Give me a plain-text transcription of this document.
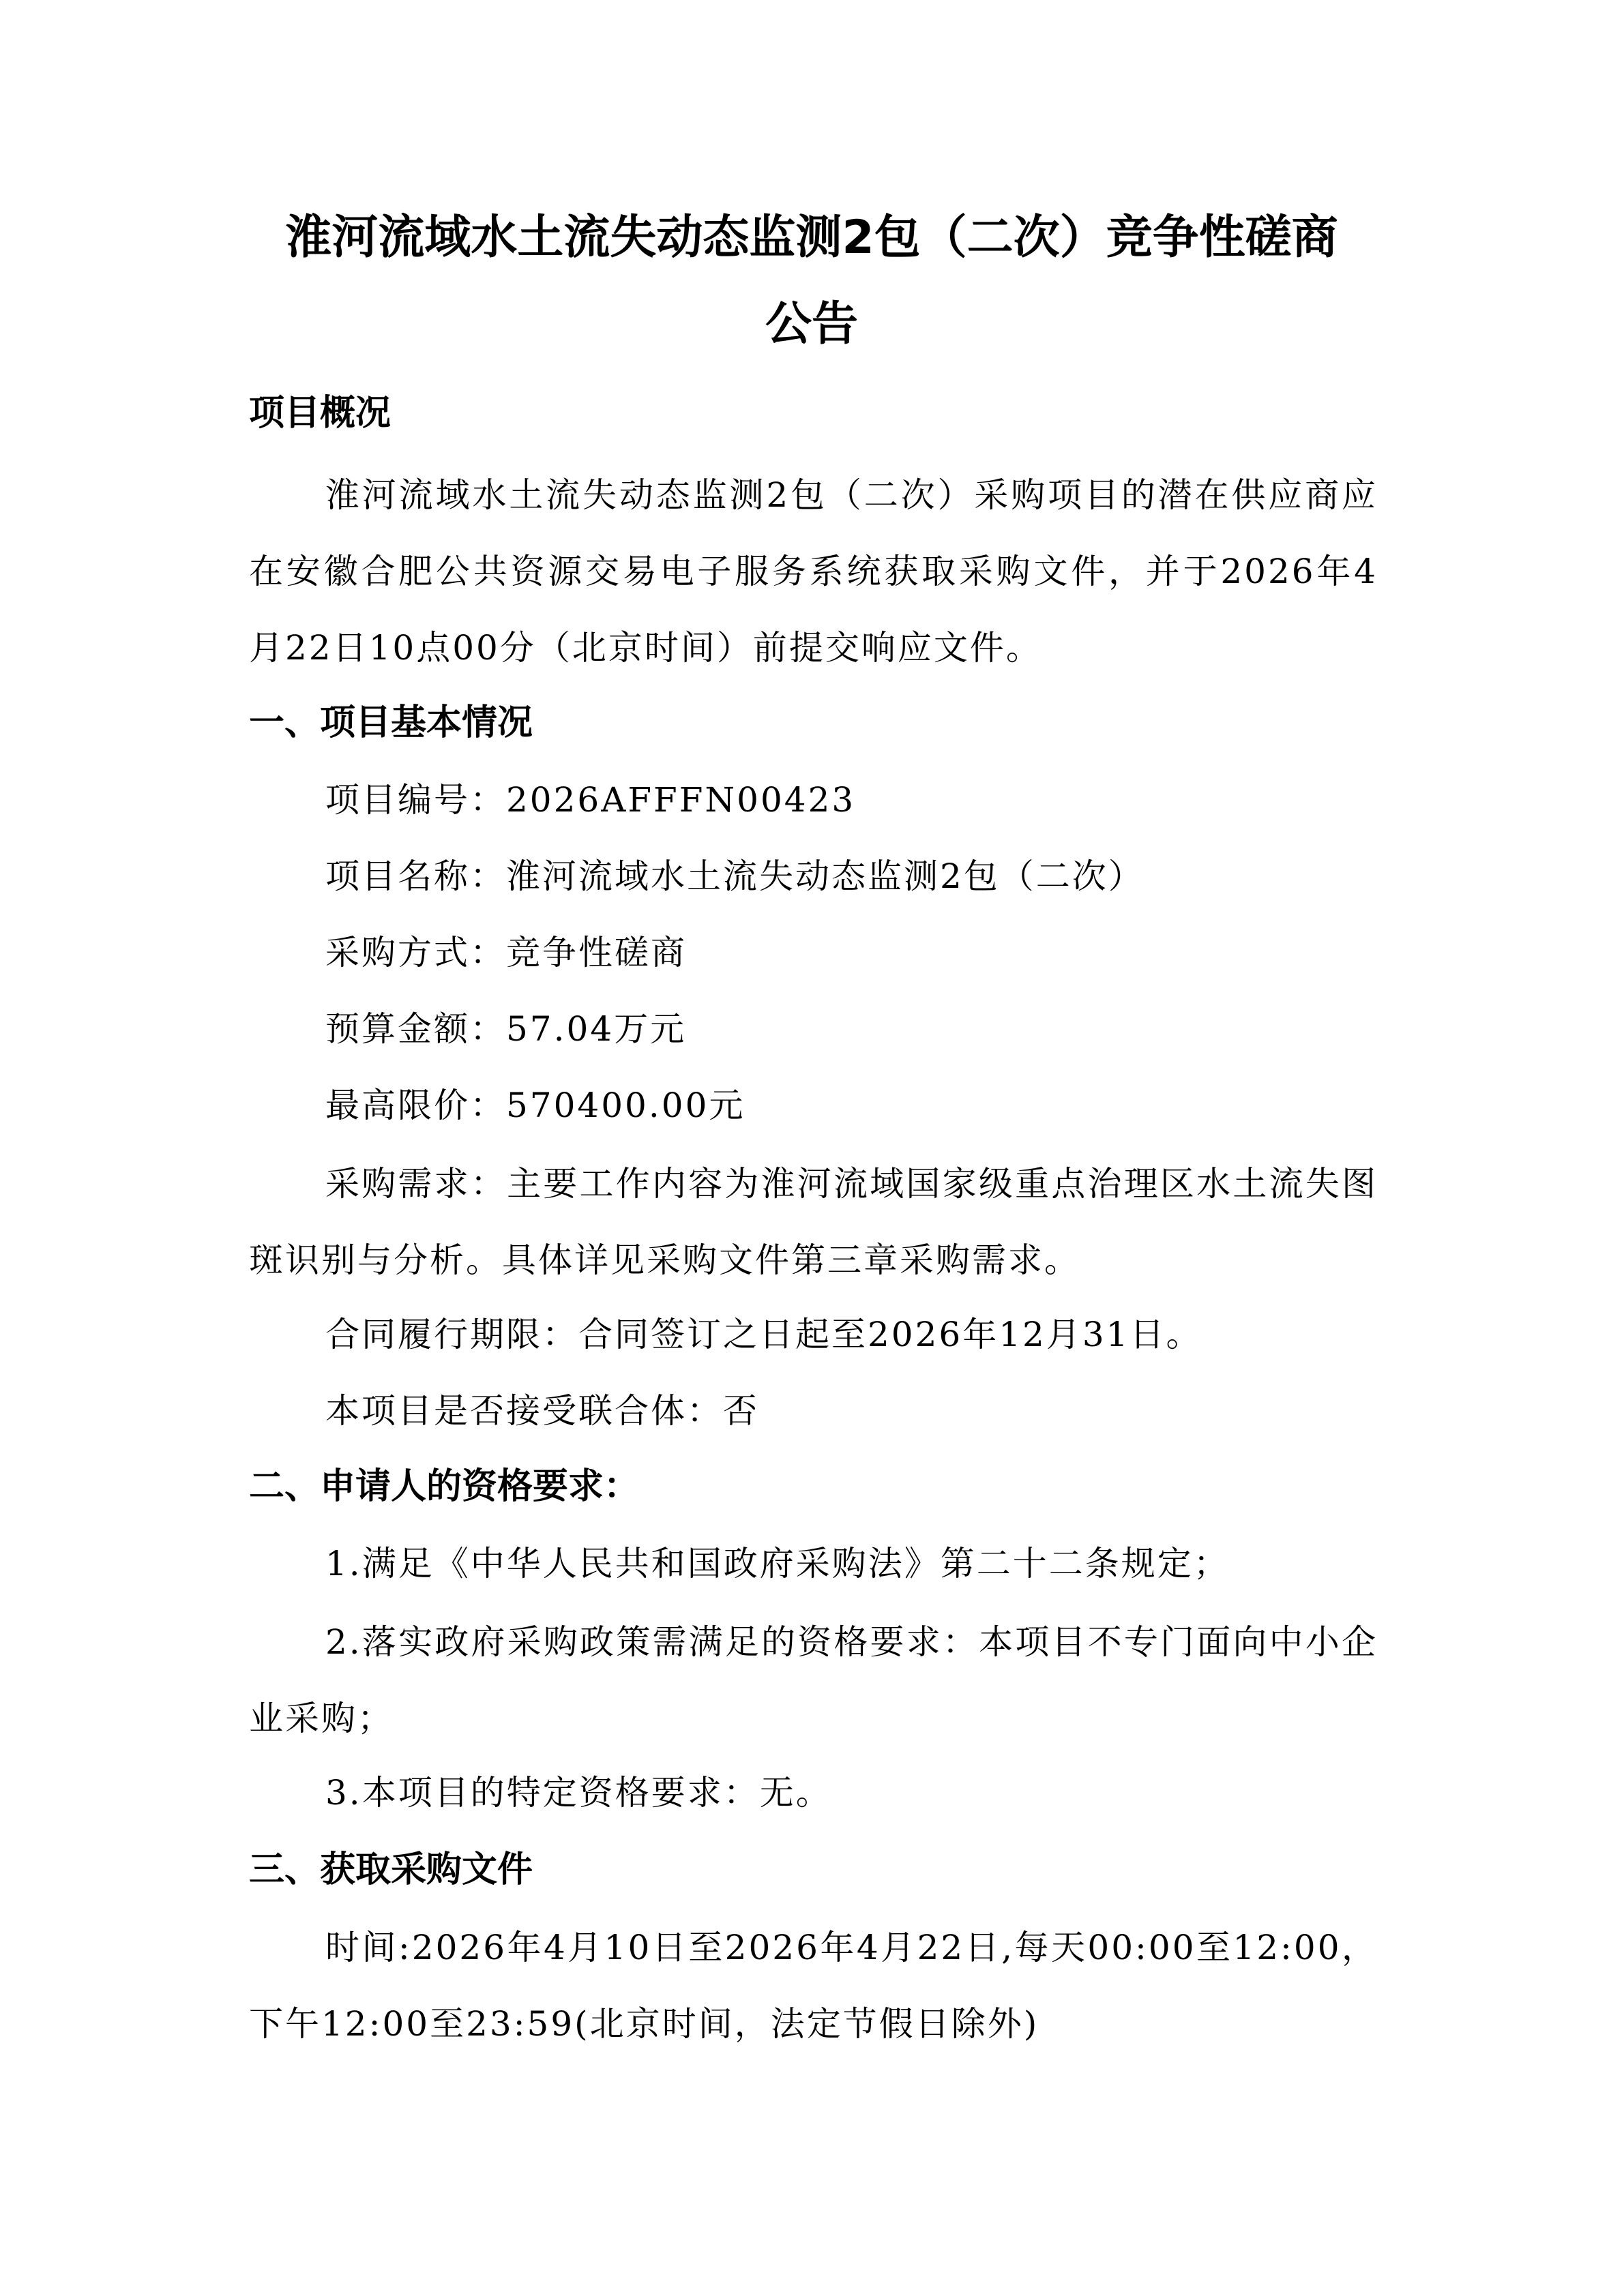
淮河流域水土流失动态监测2包（二次）竞争性磋商
公告
项目概况

淮河流域水土流失动态监测2包（二次）采购项目的潜在供应商应在安徽合肥公共资源交易电子服务系统获取采购文件，并于2026年4月22日10点00分（北京时间）前提交响应文件。

一、项目基本情况

项目编号：2026AFFFN00423

项目名称：淮河流域水土流失动态监测2包（二次）

采购方式：竞争性磋商

预算金额：57.04万元

最高限价：570400.00元

采购需求：主要工作内容为淮河流域国家级重点治理区水土流失图斑识别与分析。具体详见采购文件第三章采购需求。

合同履行期限：合同签订之日起至2026年12月31日。

本项目是否接受联合体：否

二、申请人的资格要求：

1.满足《中华人民共和国政府采购法》第二十二条规定；

2.落实政府采购政策需满足的资格要求：本项目不专门面向中小企业采购；

3.本项目的特定资格要求：无。

三、获取采购文件

时间:2026年4月10日至2026年4月22日,每天00:00至12:00，下午12:00至23:59(北京时间，法定节假日除外)
